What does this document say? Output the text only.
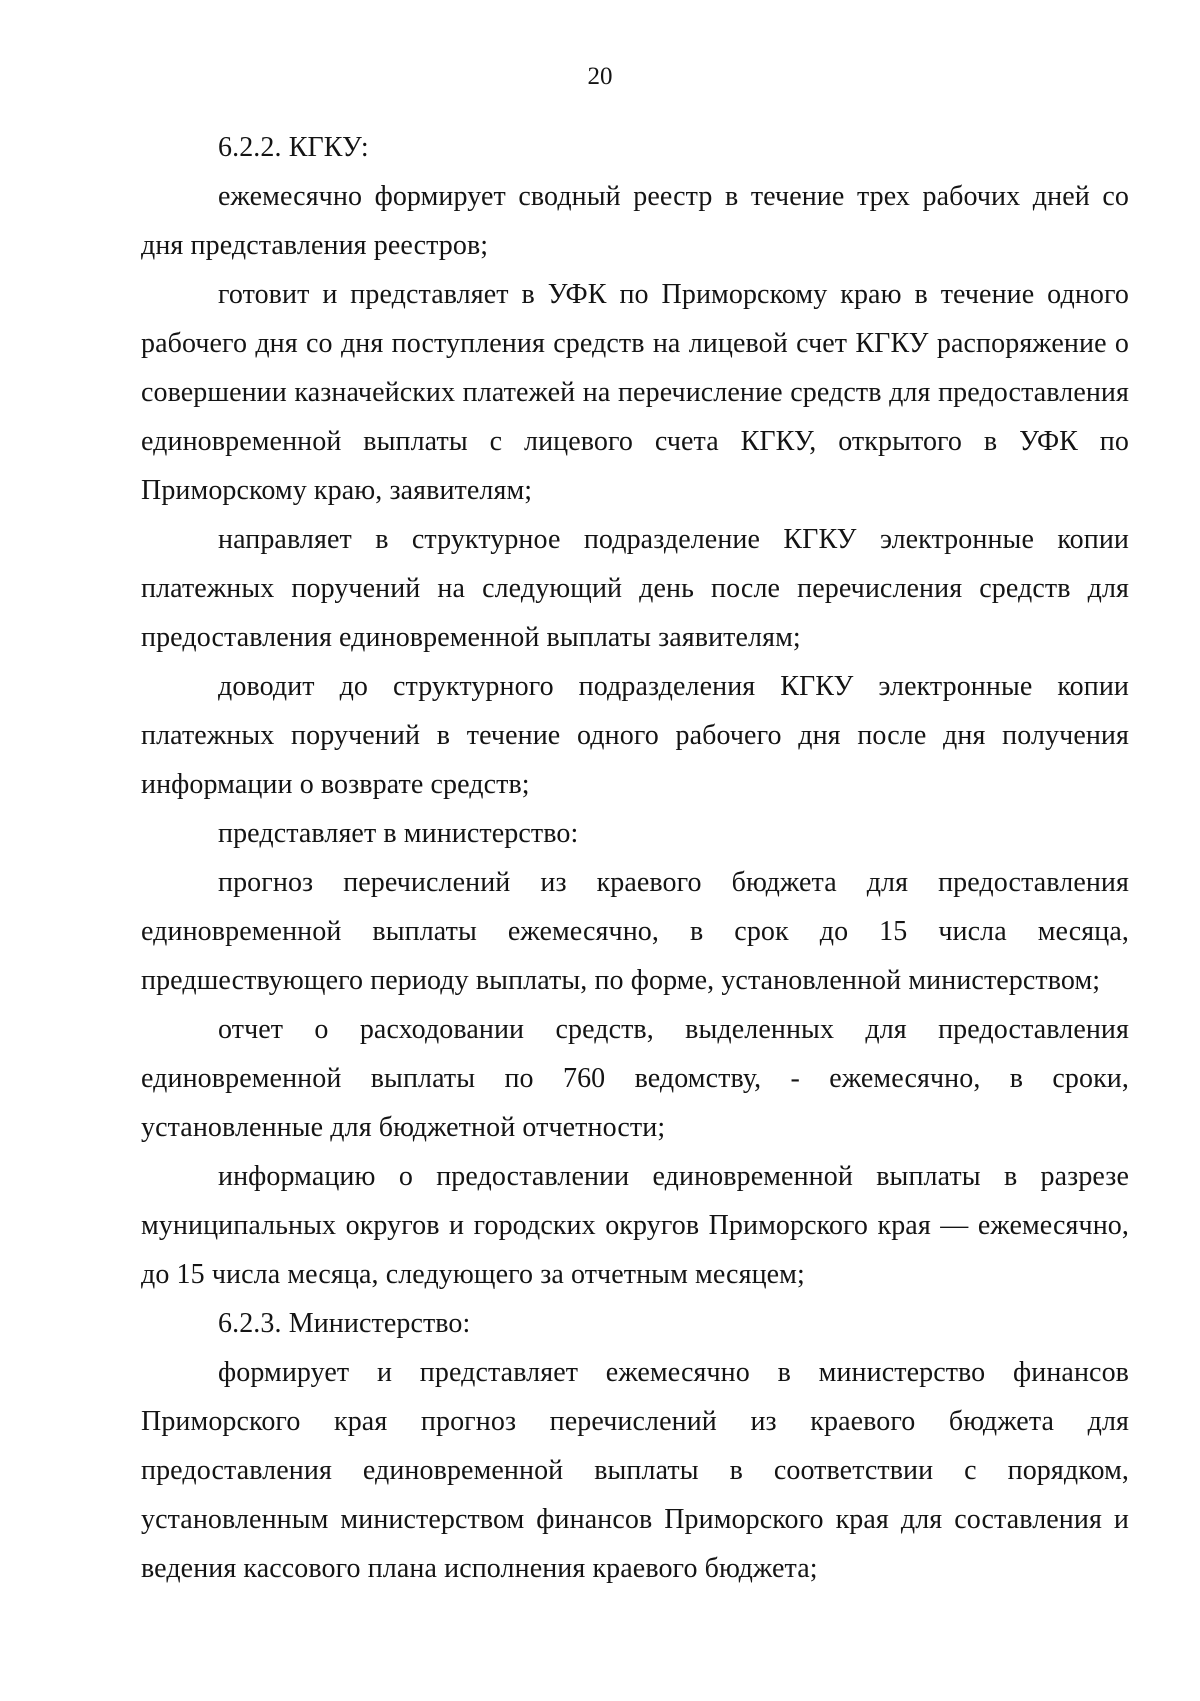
20

6.2.2. КГКУ:

ежемесячно формирует сводный реестр в течение трех рабочих дней со дня представления реестров;

готовит и представляет в УФК по Приморскому краю в течение одного рабочего дня со дня поступления средств на лицевой счет КГКУ распоряжение о совершении казначейских платежей на перечисление средств для предоставления единовременной выплаты с лицевого счета КГКУ, открытого в УФК по Приморскому краю, заявителям;

направляет в структурное подразделение КГКУ электронные копии платежных поручений на следующий день после перечисления средств для предоставления единовременной выплаты заявителям;

доводит до структурного подразделения КГКУ электронные копии платежных поручений в течение одного рабочего дня после дня получения информации о возврате средств;

представляет в министерство:

прогноз перечислений из краевого бюджета для предоставления единовременной выплаты ежемесячно, в срок до 15 числа месяца, предшествующего периоду выплаты, по форме, установленной министерством;

отчет о расходовании средств, выделенных для предоставления единовременной выплаты по 760 ведомству, - ежемесячно, в сроки, установленные для бюджетной отчетности;

информацию о предоставлении единовременной выплаты в разрезе муниципальных округов и городских округов Приморского края — ежемесячно, до 15 числа месяца, следующего за отчетным месяцем;

6.2.3. Министерство:

формирует и представляет ежемесячно в министерство финансов Приморского края прогноз перечислений из краевого бюджета для предоставления единовременной выплаты в соответствии с порядком, установленным министерством финансов Приморского края для составления и ведения кассового плана исполнения краевого бюджета;
